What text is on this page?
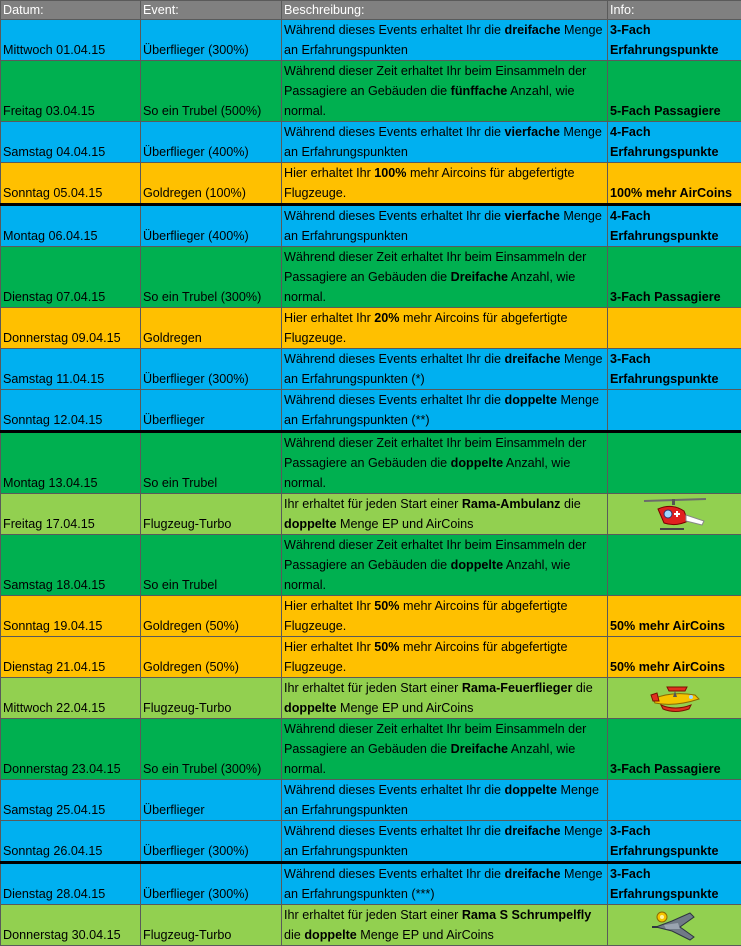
Datum:	Event:	Beschreibung:	Info:
Mittwoch 01.04.15	Überflieger (300%)	Während dieses Events erhaltet Ihr die dreifache Menge an Erfahrungspunkten	3-Fach Erfahrungspunkte
Freitag 03.04.15	So ein Trubel (500%)	Während dieser Zeit erhaltet Ihr beim Einsammeln der Passagiere an Gebäuden die fünffache Anzahl, wie normal.	5-Fach Passagiere
Samstag 04.04.15	Überflieger (400%)	Während dieses Events erhaltet Ihr die vierfache Menge an Erfahrungspunkten	4-Fach Erfahrungspunkte
Sonntag 05.04.15	Goldregen (100%)	Hier erhaltet Ihr 100% mehr Aircoins für abgefertigte Flugzeuge.	100% mehr AirCoins
Montag 06.04.15	Überflieger (400%)	Während dieses Events erhaltet Ihr die vierfache Menge an Erfahrungspunkten	4-Fach Erfahrungspunkte
Dienstag 07.04.15	So ein Trubel (300%)	Während dieser Zeit erhaltet Ihr beim Einsammeln der Passagiere an Gebäuden die Dreifache Anzahl, wie normal.	3-Fach Passagiere
Donnerstag 09.04.15	Goldregen	Hier erhaltet Ihr 20% mehr Aircoins für abgefertigte Flugzeuge.	
Samstag 11.04.15	Überflieger (300%)	Während dieses Events erhaltet Ihr die dreifache Menge an Erfahrungspunkten (*)	3-Fach Erfahrungspunkte
Sonntag 12.04.15	Überflieger	Während dieses Events erhaltet Ihr die doppelte Menge an Erfahrungspunkten (**)	
Montag 13.04.15	So ein Trubel	Während dieser Zeit erhaltet Ihr beim Einsammeln der Passagiere an Gebäuden die doppelte Anzahl, wie normal.	
Freitag 17.04.15	Flugzeug-Turbo	Ihr erhaltet für jeden Start einer Rama-Ambulanz die doppelte Menge EP und AirCoins	
Samstag 18.04.15	So ein Trubel	Während dieser Zeit erhaltet Ihr beim Einsammeln der Passagiere an Gebäuden die doppelte Anzahl, wie normal.	
Sonntag 19.04.15	Goldregen (50%)	Hier erhaltet Ihr 50% mehr Aircoins für abgefertigte Flugzeuge.	50% mehr AirCoins
Dienstag 21.04.15	Goldregen (50%)	Hier erhaltet Ihr 50% mehr Aircoins für abgefertigte Flugzeuge.	50% mehr AirCoins
Mittwoch 22.04.15	Flugzeug-Turbo	Ihr erhaltet für jeden Start einer Rama-Feuerflieger die doppelte Menge EP und AirCoins	
Donnerstag 23.04.15	So ein Trubel (300%)	Während dieser Zeit erhaltet Ihr beim Einsammeln der Passagiere an Gebäuden die Dreifache Anzahl, wie normal.	3-Fach Passagiere
Samstag 25.04.15	Überflieger	Während dieses Events erhaltet Ihr die doppelte Menge an Erfahrungspunkten	
Sonntag 26.04.15	Überflieger (300%)	Während dieses Events erhaltet Ihr die dreifache Menge an Erfahrungspunkten	3-Fach Erfahrungspunkte
Dienstag 28.04.15	Überflieger (300%)	Während dieses Events erhaltet Ihr die dreifache Menge an Erfahrungspunkten (***)	3-Fach Erfahrungspunkte
Donnerstag 30.04.15	Flugzeug-Turbo	Ihr erhaltet für jeden Start einer Rama S Schrumpelfly die doppelte Menge EP und AirCoins	
